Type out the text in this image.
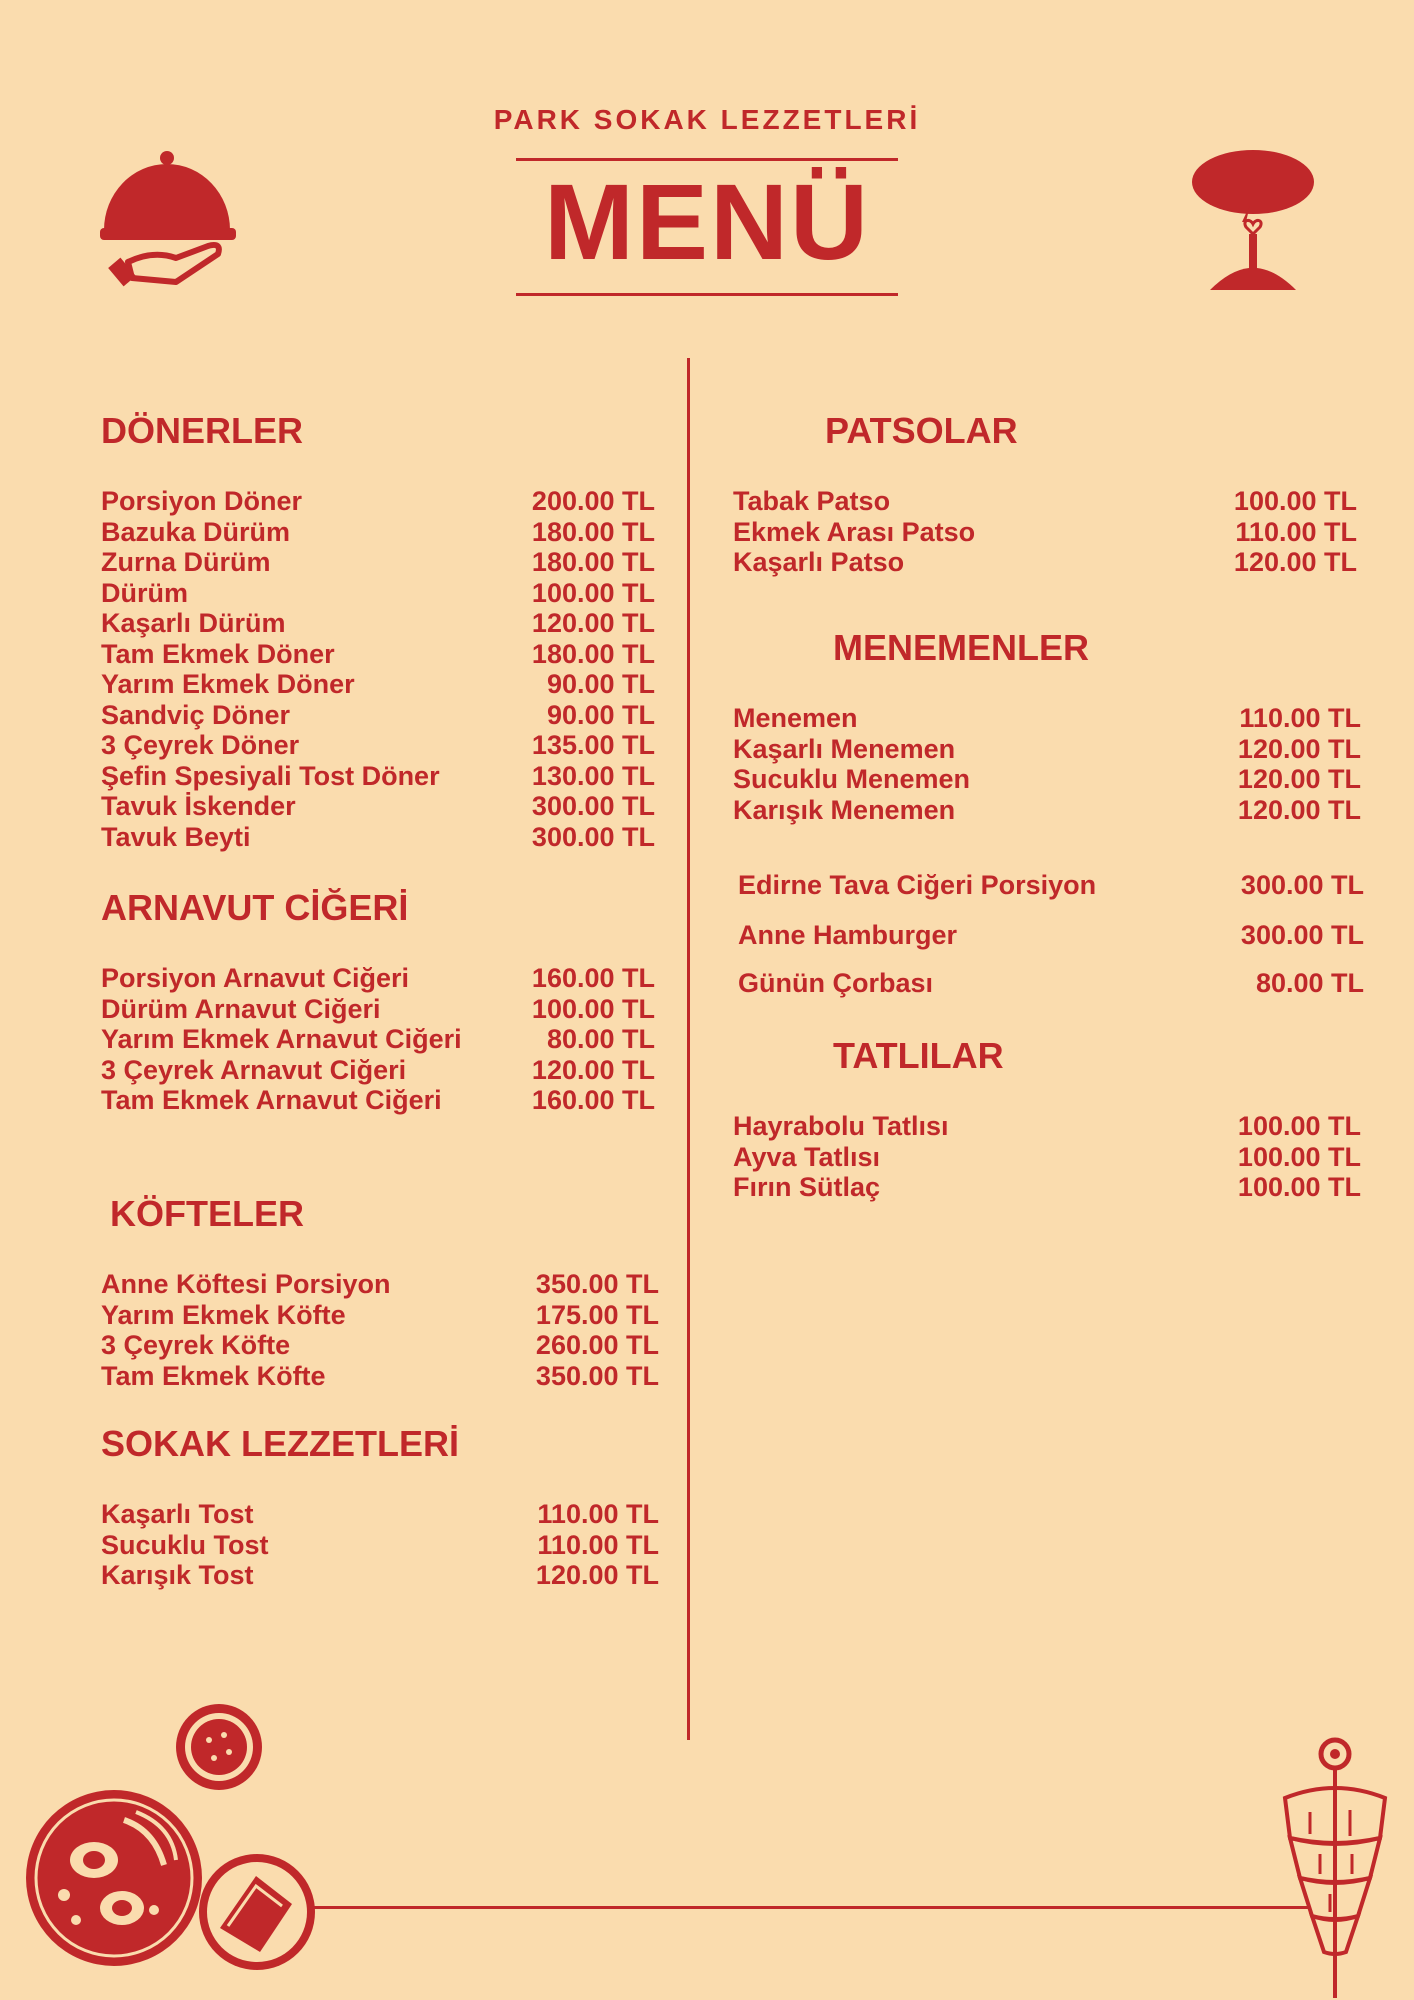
PARK SOKAK LEZZETLERİ
MENÜ
DÖNERLER
Porsiyon Döner	200.00 TL
Bazuka Dürüm	180.00 TL
Zurna Dürüm	180.00 TL
Dürüm	100.00 TL
Kaşarlı Dürüm	120.00 TL
Tam Ekmek Döner	180.00 TL
Yarım Ekmek Döner	90.00 TL
Sandviç Döner	90.00 TL
3 Çeyrek Döner	135.00 TL
Şefin Spesiyali Tost Döner	130.00 TL
Tavuk İskender	300.00 TL
Tavuk Beyti	300.00 TL
ARNAVUT CİĞERİ
Porsiyon Arnavut Ciğeri	160.00 TL
Dürüm Arnavut Ciğeri	100.00 TL
Yarım Ekmek Arnavut Ciğeri	80.00 TL
3 Çeyrek Arnavut Ciğeri	120.00 TL
Tam Ekmek Arnavut Ciğeri	160.00 TL
KÖFTELER
Anne Köftesi Porsiyon	350.00 TL
Yarım Ekmek Köfte	175.00 TL
3 Çeyrek Köfte	260.00 TL
Tam Ekmek Köfte	350.00 TL
SOKAK LEZZETLERİ
Kaşarlı Tost	110.00 TL
Sucuklu Tost	110.00 TL
Karışık Tost	120.00 TL
PATSOLAR
Tabak Patso	100.00 TL
Ekmek Arası Patso	110.00 TL
Kaşarlı Patso	120.00 TL
MENEMENLER
Menemen	110.00 TL
Kaşarlı Menemen	120.00 TL
Sucuklu Menemen	120.00 TL
Karışık Menemen	120.00 TL
Edirne Tava Ciğeri Porsiyon	300.00 TL
Anne Hamburger	300.00 TL
Günün Çorbası	80.00 TL
TATLILAR
Hayrabolu Tatlısı	100.00 TL
Ayva Tatlısı	100.00 TL
Fırın Sütlaç	100.00 TL
